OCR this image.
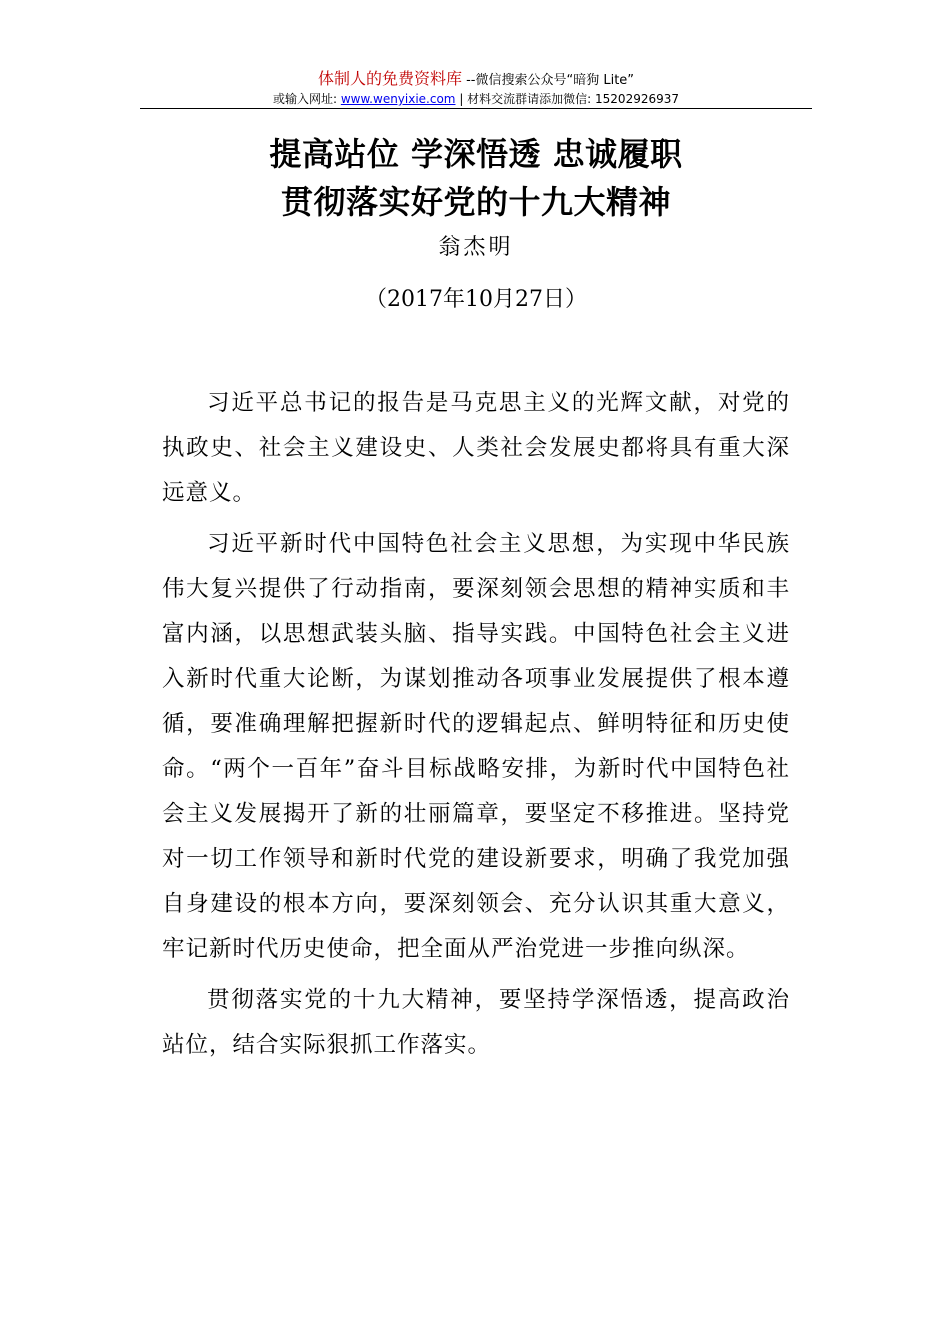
体制人的免费资料库 --微信搜索公众号“暗狗 Lite”
或输入网址: www.wenyixie.com | 材料交流群请添加微信: 15202926937
提高站位 学深悟透 忠诚履职
贯彻落实好党的十九大精神
翁杰明
（2017年10月27日）

习近平总书记的报告是马克思主义的光辉文献，对党的执政史、社会主义建设史、人类社会发展史都将具有重大深远意义。

习近平新时代中国特色社会主义思想，为实现中华民族伟大复兴提供了行动指南，要深刻领会思想的精神实质和丰富内涵，以思想武装头脑、指导实践。中国特色社会主义进入新时代重大论断，为谋划推动各项事业发展提供了根本遵循，要准确理解把握新时代的逻辑起点、鲜明特征和历史使命。“两个一百年”奋斗目标战略安排，为新时代中国特色社会主义发展揭开了新的壮丽篇章，要坚定不移推进。坚持党对一切工作领导和新时代党的建设新要求，明确了我党加强自身建设的根本方向，要深刻领会、充分认识其重大意义，牢记新时代历史使命，把全面从严治党进一步推向纵深。

贯彻落实党的十九大精神，要坚持学深悟透，提高政治站位，结合实际狠抓工作落实。
